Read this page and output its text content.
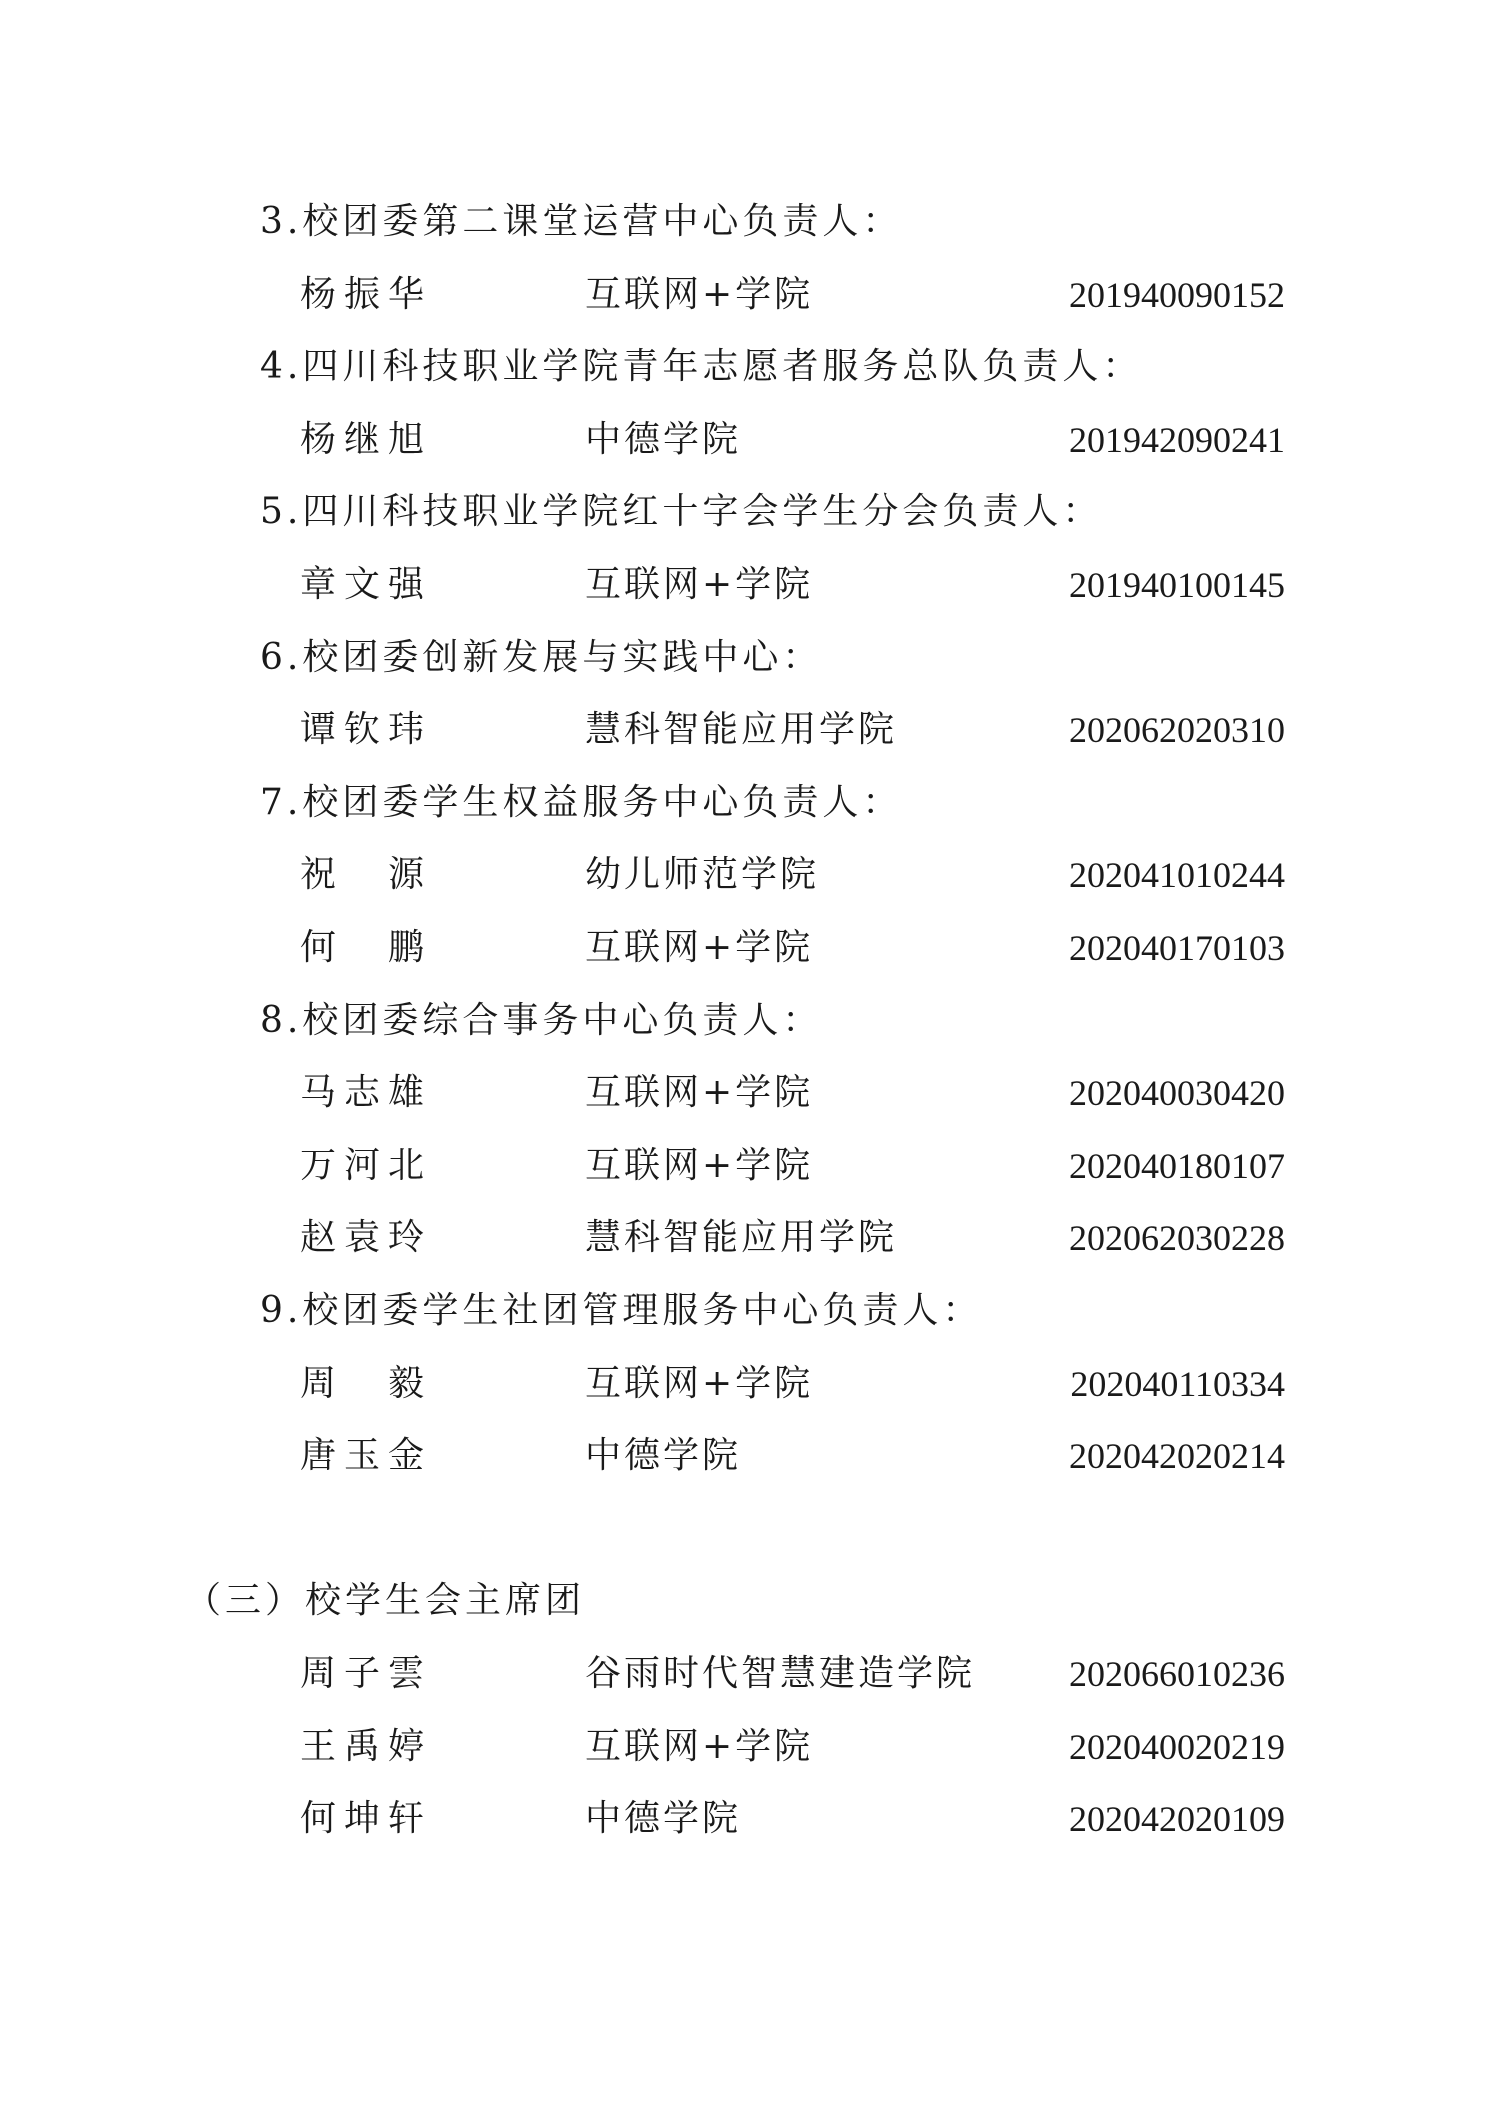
3.校团委第二课堂运营中心负责人：
杨振华	互联网+学院	201940090152
4.四川科技职业学院青年志愿者服务总队负责人：
杨继旭	中德学院	201942090241
5.四川科技职业学院红十字会学生分会负责人：
章文强	互联网+学院	201940100145
6.校团委创新发展与实践中心：
谭钦玮	慧科智能应用学院	202062020310
7.校团委学生权益服务中心负责人：
祝　源	幼儿师范学院	202041010244
何　鹏	互联网+学院	202040170103
8.校团委综合事务中心负责人：
马志雄	互联网+学院	202040030420
万河北	互联网+学院	202040180107
赵袁玲	慧科智能应用学院	202062030228
9.校团委学生社团管理服务中心负责人：
周　毅	互联网+学院	202040110334
唐玉金	中德学院	202042020214
（三）校学生会主席团
周子雲	谷雨时代智慧建造学院	202066010236
王禹婷	互联网+学院	202040020219
何坤轩	中德学院	202042020109
